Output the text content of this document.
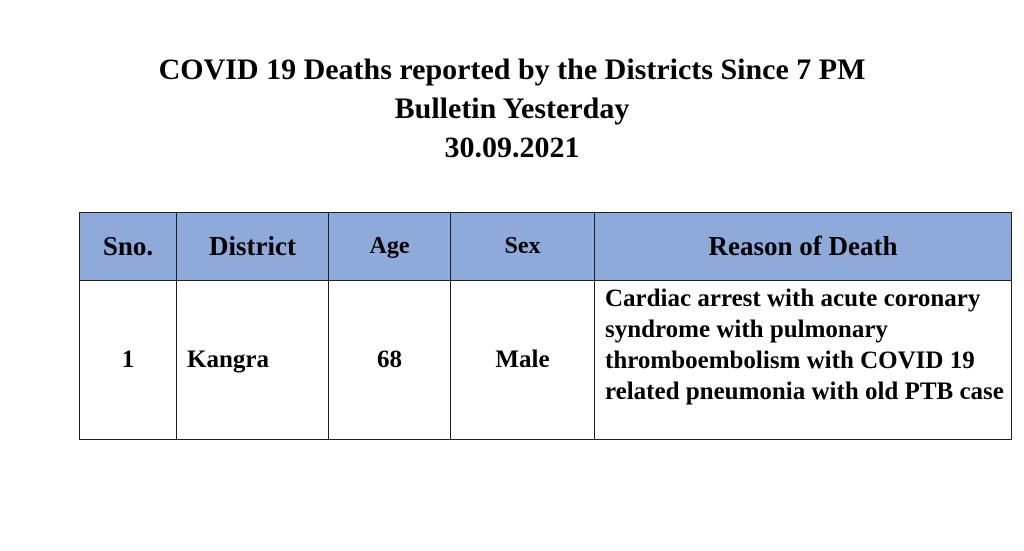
COVID 19 Deaths reported by the Districts Since 7 PM
Bulletin Yesterday
30.09.2021
Sno.	District	Age	Sex	Reason of Death
1	Kangra	68	Male	Cardiac arrest with acute coronary syndrome with pulmonary thromboembolism with COVID 19 related pneumonia with old PTB case
